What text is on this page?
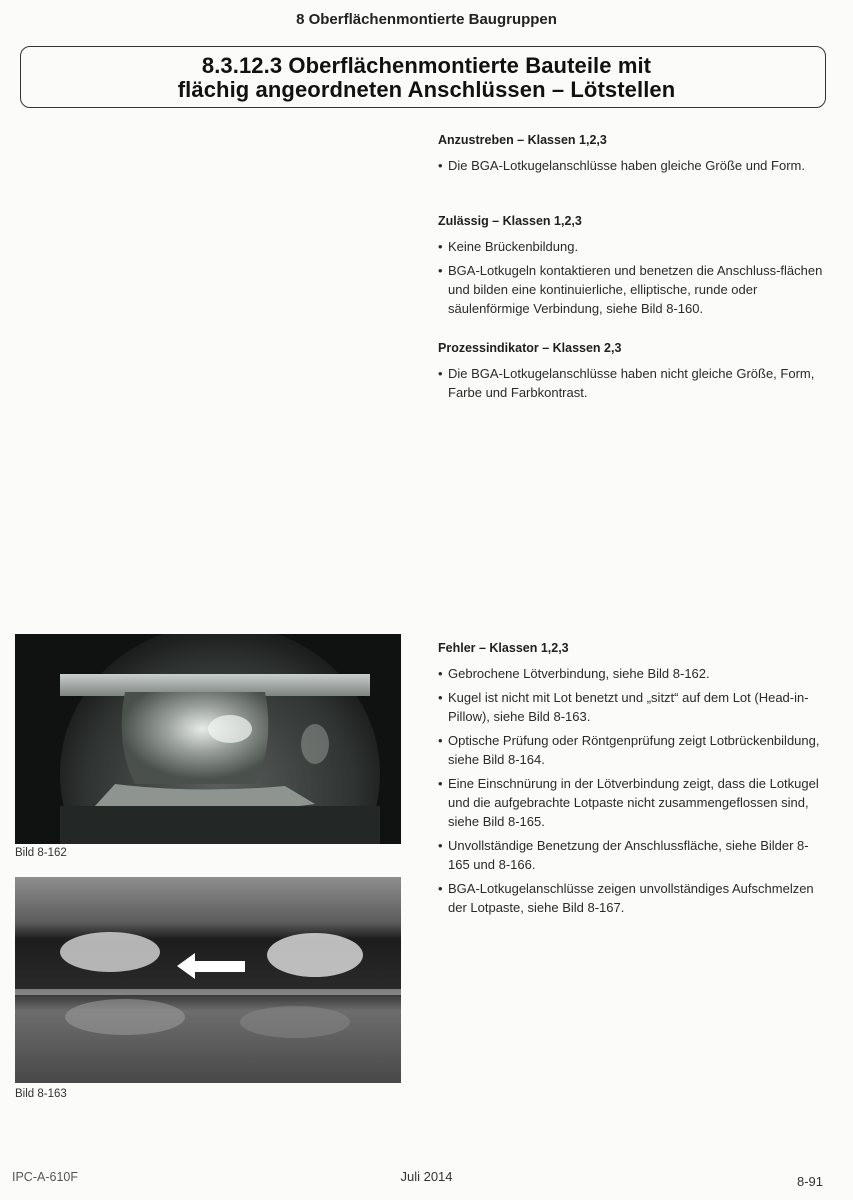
8 Oberflächenmontierte Baugruppen
8.3.12.3 Oberflächenmontierte Bauteile mit
flächig angeordneten Anschlüssen – Lötstellen
Anzustreben – Klassen 1,2,3
• Die BGA-Lotkugelanschlüsse haben gleiche Größe und Form.
Zulässig – Klassen 1,2,3
• Keine Brückenbildung.
• BGA-Lotkugeln kontaktieren und benetzen die Anschluss-flächen und bilden eine kontinuierliche, elliptische, runde oder säulenförmige Verbindung, siehe Bild 8-160.
Prozessindikator – Klassen 2,3
• Die BGA-Lotkugelanschlüsse haben nicht gleiche Größe, Form, Farbe und Farbkontrast.
Fehler – Klassen 1,2,3
• Gebrochene Lötverbindung, siehe Bild 8-162.
• Kugel ist nicht mit Lot benetzt und „sitzt“ auf dem Lot (Head-in-Pillow), siehe Bild 8-163.
• Optische Prüfung oder Röntgenprüfung zeigt Lotbrückenbildung, siehe Bild 8-164.
• Eine Einschnürung in der Lötverbindung zeigt, dass die Lotkugel und die aufgebrachte Lotpaste nicht zusammengeflossen sind, siehe Bild 8-165.
• Unvollständige Benetzung der Anschlussfläche, siehe Bilder 8-165 und 8-166.
• BGA-Lotkugelanschlüsse zeigen unvollständiges Aufschmelzen der Lotpaste, siehe Bild 8-167.
Bild 8-162
Bild 8-163
IPC-A-610F	Juli 2014	8-91
